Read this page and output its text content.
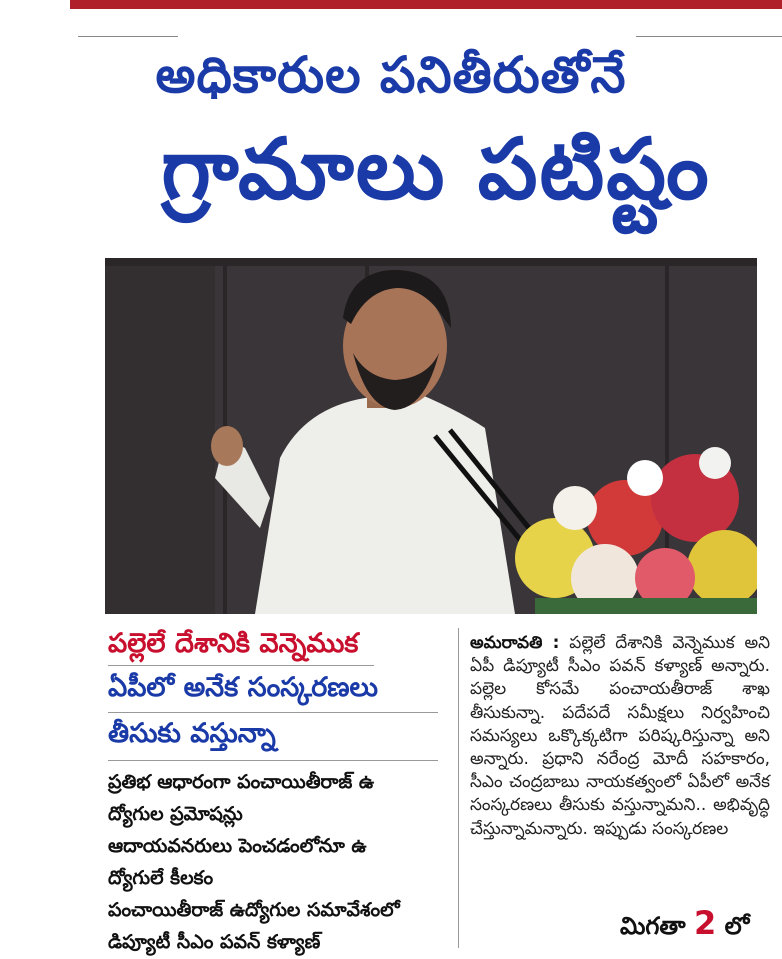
అధికారుల పనితీరుతోనే
గ్రామాలు పటిష్టం
పల్లెలే దేశానికి వెన్నెముక
ఏపీలో అనేక సంస్కరణలు
తీసుకు వస్తున్నా
ప్రతిభ ఆధారంగా పంచాయితీరాజ్ ఉ
ద్యోగుల ప్రమోషన్లు
ఆదాయవనరులు పెంచడంలోనూ ఉ
ద్యోగులే కీలకం
పంచాయితీరాజ్ ఉద్యోగుల సమావేశంలో
డిప్యూటీ సీఎం పవన్ కళ్యాణ్
అమరావతి : పల్లెలే దేశానికి వెన్నెముక అని ఏపీ డిప్యూటీ సీఎం పవన్ కళ్యాణ్ అన్నారు. పల్లెల కోసమే పంచాయతీరాజ్ శాఖ తీసుకున్నా. పదేపదే సమీక్షలు నిర్వహించి సమస్యలు ఒక్కొక్కటిగా పరిష్కరిస్తున్నా అని అన్నారు. ప్రధాని నరేంద్ర మోదీ సహకారం, సీఎం చంద్రబాబు నాయకత్వంలో ఏపీలో అనేక సంస్కరణలు తీసుకు వస్తున్నామని.. అభివృద్ధి చేస్తున్నామన్నారు. ఇప్పుడు సంస్కరణల
మిగతా 2 లో
